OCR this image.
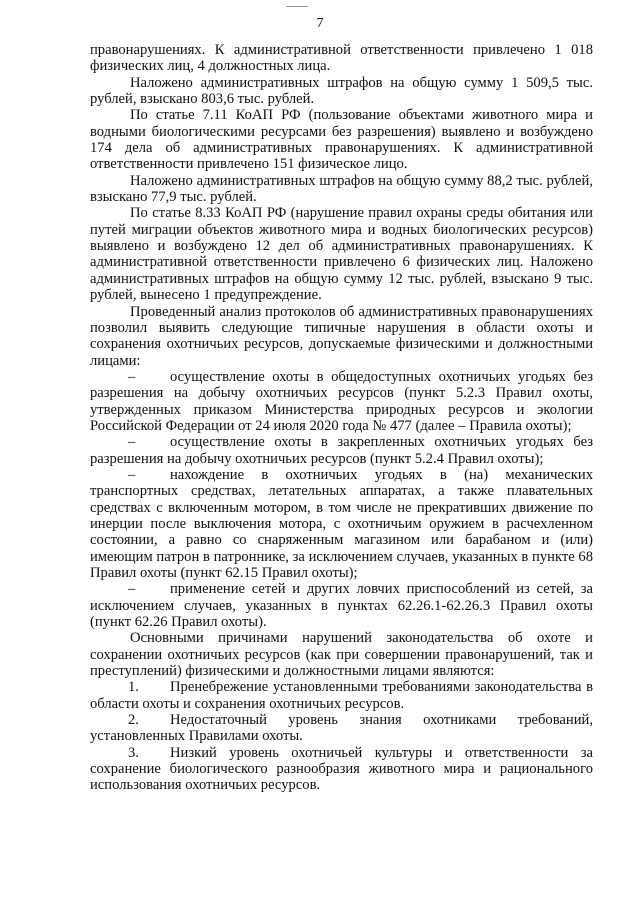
7

правонарушениях. К административной ответственности привлечено 1 018 физических лиц, 4 должностных лица.

Наложено административных штрафов на общую сумму 1 509,5 тыс. рублей, взыскано 803,6 тыс. рублей.

По статье 7.11 КоАП РФ (пользование объектами животного мира и водными биологическими ресурсами без разрешения) выявлено и возбуждено 174 дела об административных правонарушениях. К административной ответственности привлечено 151 физическое лицо.

Наложено административных штрафов на общую сумму 88,2 тыс. рублей, взыскано 77,9 тыс. рублей.

По статье 8.33 КоАП РФ (нарушение правил охраны среды обитания или путей миграции объектов животного мира и водных биологических ресурсов) выявлено и возбуждено 12 дел об административных правонарушениях. К административной ответственности привлечено 6 физических лиц. Наложено административных штрафов на общую сумму 12 тыс. рублей, взыскано 9 тыс. рублей, вынесено 1 предупреждение.

Проведенный анализ протоколов об административных правонарушениях позволил выявить следующие типичные нарушения в области охоты и сохранения охотничьих ресурсов, допускаемые физическими и должностными лицами:

– осуществление охоты в общедоступных охотничьих угодьях без разрешения на добычу охотничьих ресурсов (пункт 5.2.3 Правил охоты, утвержденных приказом Министерства природных ресурсов и экологии Российской Федерации от 24 июля 2020 года № 477 (далее – Правила охоты);

– осуществление охоты в закрепленных охотничьих угодьях без разрешения на добычу охотничьих ресурсов (пункт 5.2.4 Правил охоты);

– нахождение в охотничьих угодьях в (на) механических транспортных средствах, летательных аппаратах, а также плавательных средствах с включенным мотором, в том числе не прекративших движение по инерции после выключения мотора, с охотничьим оружием в расчехленном состоянии, а равно со снаряженным магазином или барабаном и (или) имеющим патрон в патроннике, за исключением случаев, указанных в пункте 68 Правил охоты (пункт 62.15 Правил охоты);

– применение сетей и других ловчих приспособлений из сетей, за исключением случаев, указанных в пунктах 62.26.1-62.26.3 Правил охоты (пункт 62.26 Правил охоты).

Основными причинами нарушений законодательства об охоте и сохранении охотничьих ресурсов (как при совершении правонарушений, так и преступлений) физическими и должностными лицами являются:

1. Пренебрежение установленными требованиями законодательства в области охоты и сохранения охотничьих ресурсов.

2. Недостаточный уровень знания охотниками требований, установленных Правилами охоты.

3. Низкий уровень охотничьей культуры и ответственности за сохранение биологического разнообразия животного мира и рационального использования охотничьих ресурсов.
